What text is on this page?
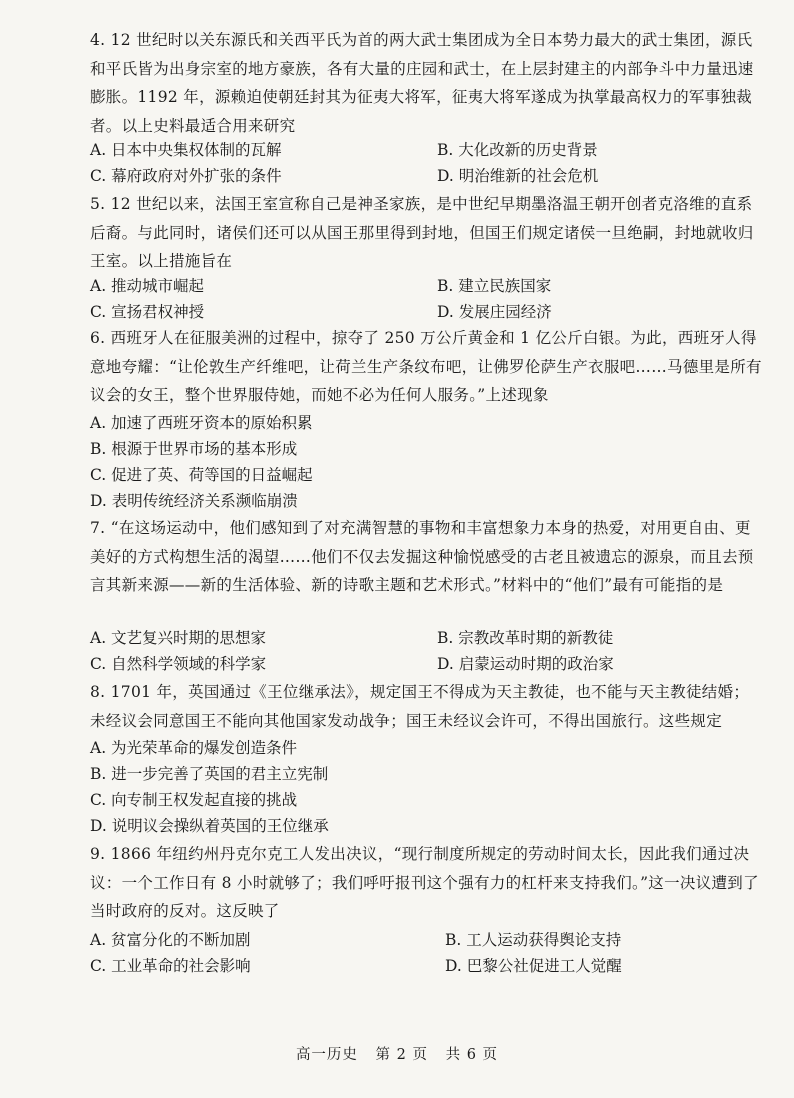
4. 12 世纪时以关东源氏和关西平氏为首的两大武士集团成为全日本势力最大的武士集团，源氏和平氏皆为出身宗室的地方豪族，各有大量的庄园和武士，在上层封建主的内部争斗中力量迅速膨胀。1192 年，源赖迫使朝廷封其为征夷大将军，征夷大将军遂成为执掌最高权力的军事独裁者。以上史料最适合用来研究
A. 日本中央集权体制的瓦解	B. 大化改新的历史背景
C. 幕府政府对外扩张的条件	D. 明治维新的社会危机
5. 12 世纪以来，法国王室宣称自己是神圣家族，是中世纪早期墨洛温王朝开创者克洛维的直系后裔。与此同时，诸侯们还可以从国王那里得到封地，但国王们规定诸侯一旦绝嗣，封地就收归王室。以上措施旨在
A. 推动城市崛起	B. 建立民族国家
C. 宣扬君权神授	D. 发展庄园经济
6. 西班牙人在征服美洲的过程中，掠夺了 250 万公斤黄金和 1 亿公斤白银。为此，西班牙人得意地夸耀：“让伦敦生产纤维吧，让荷兰生产条纹布吧，让佛罗伦萨生产衣服吧……马德里是所有议会的女王，整个世界服侍她，而她不必为任何人服务。”上述现象
A. 加速了西班牙资本的原始积累
B. 根源于世界市场的基本形成
C. 促进了英、荷等国的日益崛起
D. 表明传统经济关系濒临崩溃
7. “在这场运动中，他们感知到了对充满智慧的事物和丰富想象力本身的热爱，对用更自由、更美好的方式构想生活的渴望……他们不仅去发掘这种愉悦感受的古老且被遗忘的源泉，而且去预言其新来源——新的生活体验、新的诗歌主题和艺术形式。”材料中的“他们”最有可能指的是
A. 文艺复兴时期的思想家	B. 宗教改革时期的新教徒
C. 自然科学领域的科学家	D. 启蒙运动时期的政治家
8. 1701 年，英国通过《王位继承法》，规定国王不得成为天主教徒，也不能与天主教徒结婚；未经议会同意国王不能向其他国家发动战争；国王未经议会许可，不得出国旅行。这些规定
A. 为光荣革命的爆发创造条件
B. 进一步完善了英国的君主立宪制
C. 向专制王权发起直接的挑战
D. 说明议会操纵着英国的王位继承
9. 1866 年纽约州丹克尔克工人发出决议，“现行制度所规定的劳动时间太长，因此我们通过决议：一个工作日有 8 小时就够了；我们呼吁报刊这个强有力的杠杆来支持我们。”这一决议遭到了当时政府的反对。这反映了
A. 贫富分化的不断加剧	B. 工人运动获得舆论支持
C. 工业革命的社会影响	D. 巴黎公社促进工人觉醒
高一历史 第 2 页 共 6 页
